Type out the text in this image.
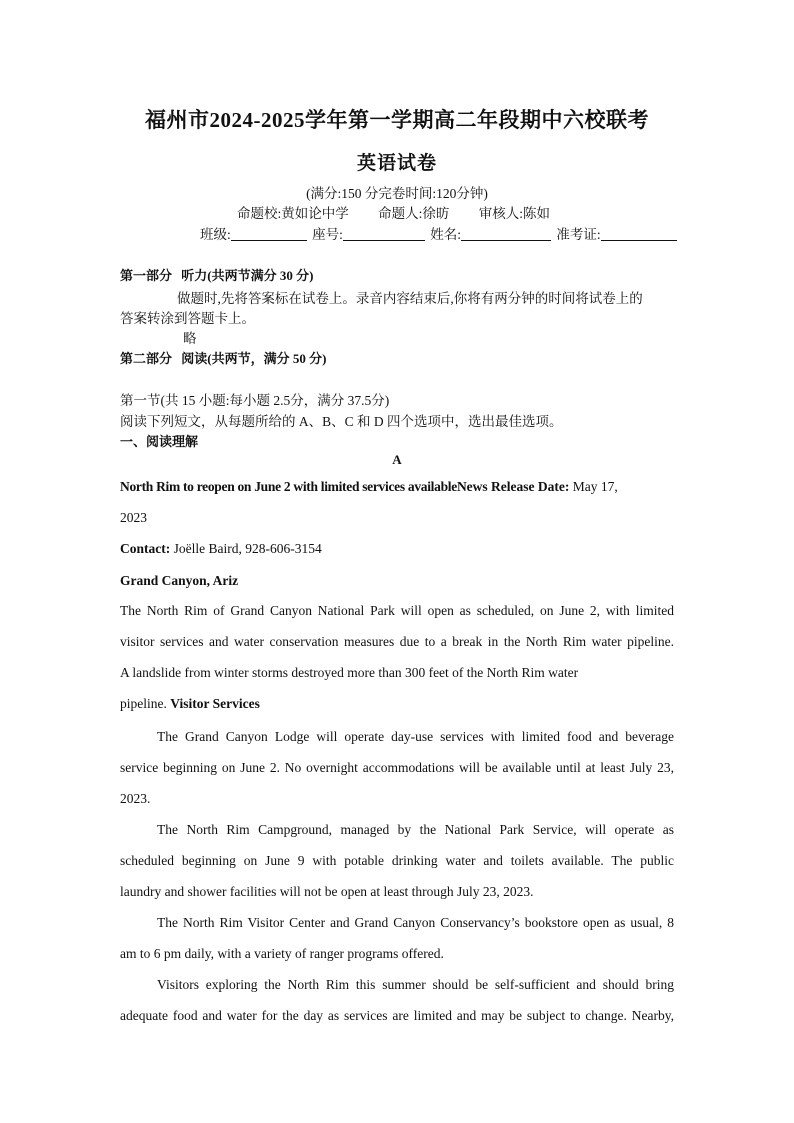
福州市2024-2025学年第一学期高二年段期中六校联考
英语试卷
(满分:150 分完卷时间:120分钟)
命题校:黄如论中学 命题人:徐昉 审核人:陈如
班级:	座号:	姓名:	准考证:
第一部分 听力(共两节满分 30 分)
做题时,先将答案标在试卷上。录音内容结束后,你将有两分钟的时间将试卷上的
答案转涂到答题卡上。
略
第二部分 阅读(共两节，满分 50 分)
第一节(共 15 小题:每小题 2.5分，满分 37.5分)
阅读下列短文，从每题所给的 A、B、C 和 D 四个选项中，选出最佳选项。
一、阅读理解
A
North Rim to reopen on June 2 with limited services availableNews Release Date: May 17,
2023
Contact: Joëlle Baird, 928-606-3154
Grand Canyon, Ariz
The North Rim of Grand Canyon National Park will open as scheduled, on June 2, with limited
visitor services and water conservation measures due to a break in the North Rim water pipeline.
A landslide from winter storms destroyed more than 300 feet of the North Rim water
pipeline. Visitor Services
The Grand Canyon Lodge will operate day-use services with limited food and beverage
service beginning on June 2. No overnight accommodations will be available until at least July 23,
2023.
The North Rim Campground, managed by the National Park Service, will operate as
scheduled beginning on June 9 with potable drinking water and toilets available. The public
laundry and shower facilities will not be open at least through July 23, 2023.
The North Rim Visitor Center and Grand Canyon Conservancy’s bookstore open as usual, 8
am to 6 pm daily, with a variety of ranger programs offered.
Visitors exploring the North Rim this summer should be self-sufficient and should bring
adequate food and water for the day as services are limited and may be subject to change. Nearby,
